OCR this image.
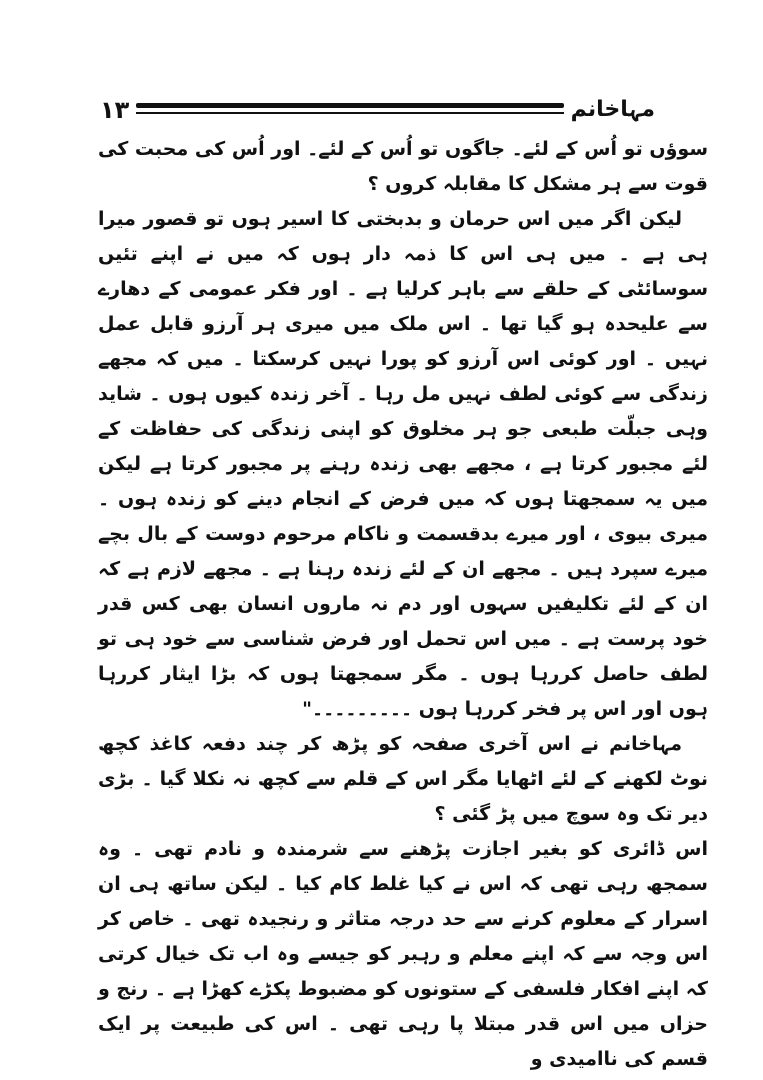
۱۳	مہاخانم

سوؤں تو اُس کے لئے۔ جاگوں تو اُس کے لئے۔ اور اُس کی محبت کی قوت سے ہر مشکل کا مقابلہ کروں ؟

لیکن اگر میں اس حرمان و بدبختی کا اسیر ہوں تو قصور میرا ہی ہے ۔ میں ہی اس کا ذمہ دار ہوں کہ میں نے اپنے تئیں سوسائٹی کے حلقے سے باہر کرلیا ہے ۔ اور فکر عمومی کے دھارے سے علیحدہ ہو گیا تھا ۔ اس ملک میں میری ہر آرزو قابل عمل نہیں ۔ اور کوئی اس آرزو کو پورا نہیں کرسکتا ۔ میں کہ مجھے زندگی سے کوئی لطف نہیں مل رہا ۔ آخر زندہ کیوں ہوں ۔ شاید وہی جبلّت طبعی جو ہر مخلوق کو اپنی زندگی کی حفاظت کے لئے مجبور کرتا ہے ، مجھے بھی زندہ رہنے پر مجبور کرتا ہے لیکن میں یہ سمجھتا ہوں کہ میں فرض کے انجام دینے کو زندہ ہوں ۔ میری بیوی ، اور میرے بدقسمت و ناکام مرحوم دوست کے بال بچے میرے سپرد ہیں ۔ مجھے ان کے لئے زندہ رہنا ہے ۔ مجھے لازم ہے کہ ان کے لئے تکلیفیں سہوں اور دم نہ ماروں انسان بھی کس قدر خود پرست ہے ۔ میں اس تحمل اور فرض شناسی سے خود ہی تو لطف حاصل کررہا ہوں ۔ مگر سمجھتا ہوں کہ بڑا ایثار کررہا ہوں اور اس پر فخر کررہا ہوں ۔۔۔۔۔۔۔۔۔"

مہاخانم نے اس آخری صفحہ کو پڑھ کر چند دفعہ کاغذ کچھ نوٹ لکھنے کے لئے اٹھایا مگر اس کے قلم سے کچھ نہ نکلا گیا ۔ بڑی دیر تک وہ سوچ میں پڑ گئی ؟

اس ڈائری کو بغیر اجازت پڑھنے سے شرمندہ و نادم تھی ۔ وہ سمجھ رہی تھی کہ اس نے کیا غلط کام کیا ۔ لیکن ساتھ ہی ان اسرار کے معلوم کرنے سے حد درجہ متاثر و رنجیدہ تھی ۔ خاص کر اس وجہ سے کہ اپنے معلم و رہبر کو جیسے وہ اب تک خیال کرتی کہ اپنے افکار فلسفی کے ستونوں کو مضبوط پکڑے کھڑا ہے ۔ رنج و حزاں میں اس قدر مبتلا پا رہی تھی ۔ اس کی طبیعت پر ایک قسم کی ناامیدی و
